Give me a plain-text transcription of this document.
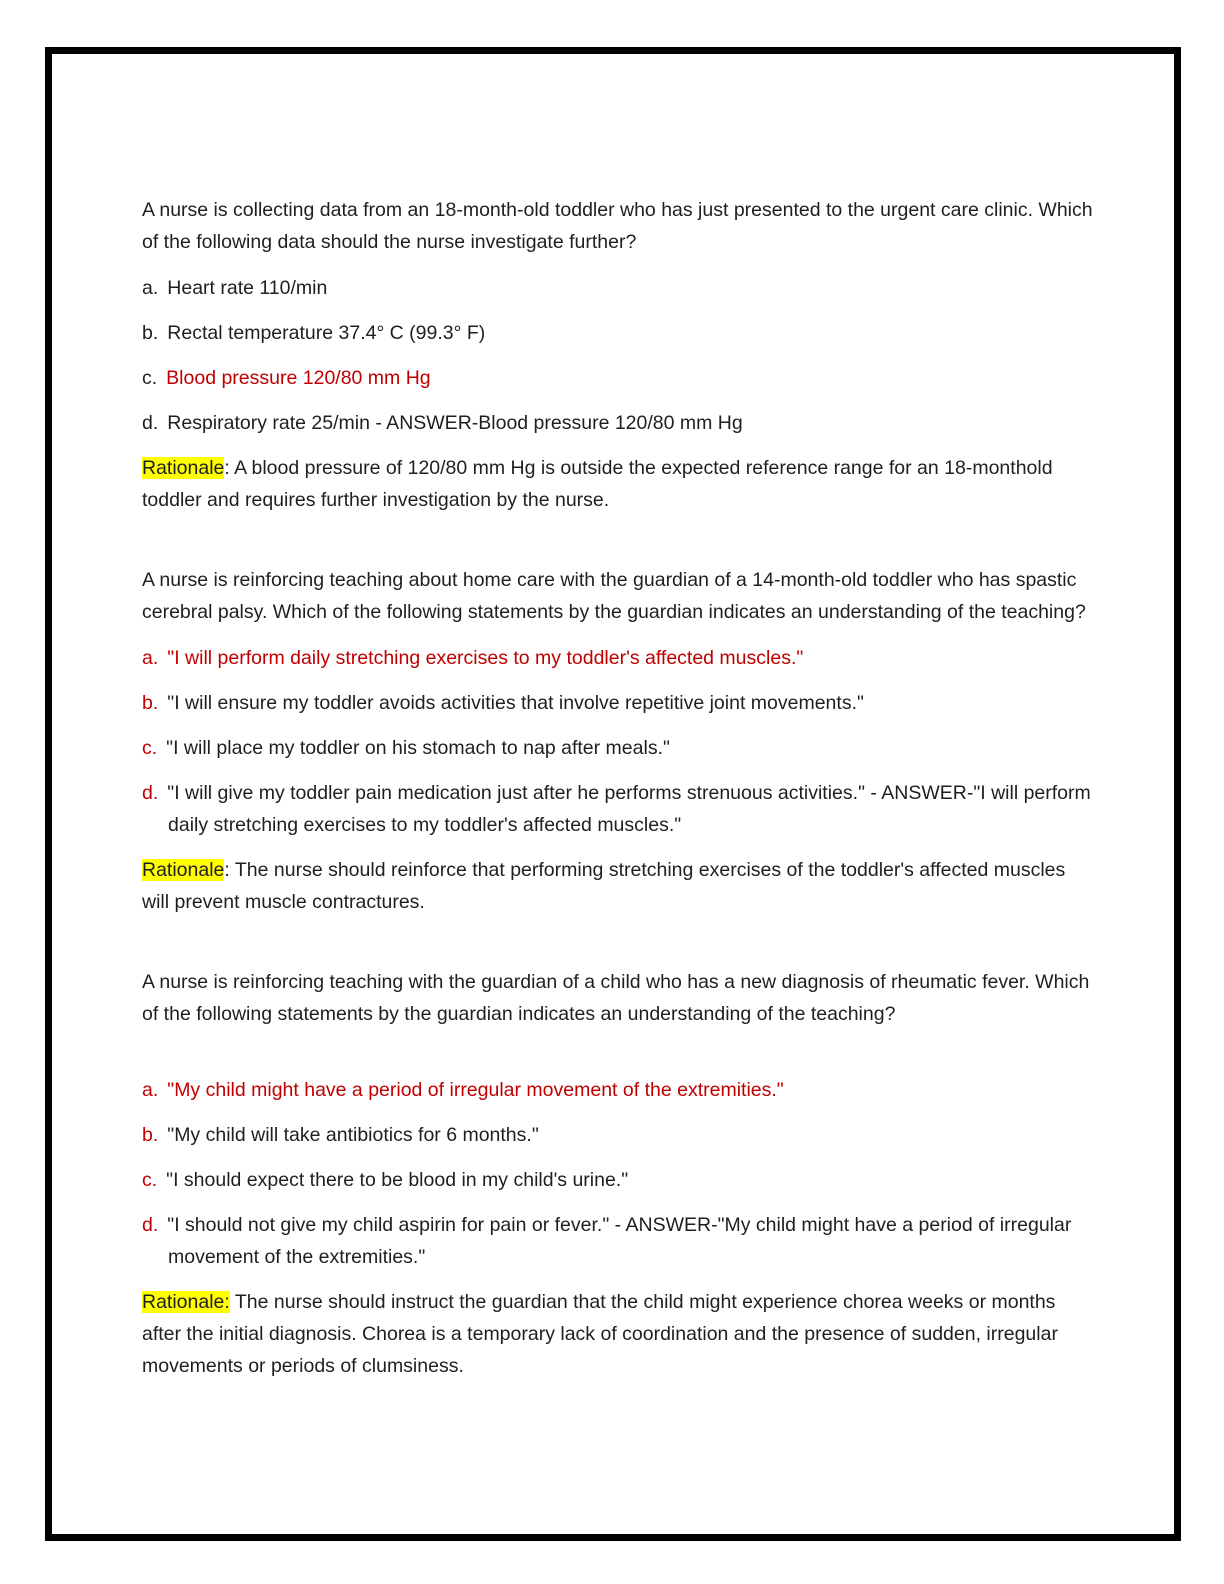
A nurse is collecting data from an 18-month-old toddler who has just presented to the urgent care clinic. Which of the following data should the nurse investigate further?

a. Heart rate 110/min

b. Rectal temperature 37.4° C (99.3° F)

c. Blood pressure 120/80 mm Hg

d. Respiratory rate 25/min - ANSWER-Blood pressure 120/80 mm Hg

Rationale: A blood pressure of 120/80 mm Hg is outside the expected reference range for an 18-monthold toddler and requires further investigation by the nurse.

A nurse is reinforcing teaching about home care with the guardian of a 14-month-old toddler who has spastic cerebral palsy. Which of the following statements by the guardian indicates an understanding of the teaching?

a. "I will perform daily stretching exercises to my toddler's affected muscles."

b. "I will ensure my toddler avoids activities that involve repetitive joint movements."

c. "I will place my toddler on his stomach to nap after meals."

d. "I will give my toddler pain medication just after he performs strenuous activities." - ANSWER-"I will perform daily stretching exercises to my toddler's affected muscles."

Rationale: The nurse should reinforce that performing stretching exercises of the toddler's affected muscles will prevent muscle contractures.

A nurse is reinforcing teaching with the guardian of a child who has a new diagnosis of rheumatic fever. Which of the following statements by the guardian indicates an understanding of the teaching?

a. "My child might have a period of irregular movement of the extremities."

b. "My child will take antibiotics for 6 months."

c. "I should expect there to be blood in my child's urine."

d. "I should not give my child aspirin for pain or fever." - ANSWER-"My child might have a period of irregular movement of the extremities."

Rationale: The nurse should instruct the guardian that the child might experience chorea weeks or months after the initial diagnosis. Chorea is a temporary lack of coordination and the presence of sudden, irregular movements or periods of clumsiness.
